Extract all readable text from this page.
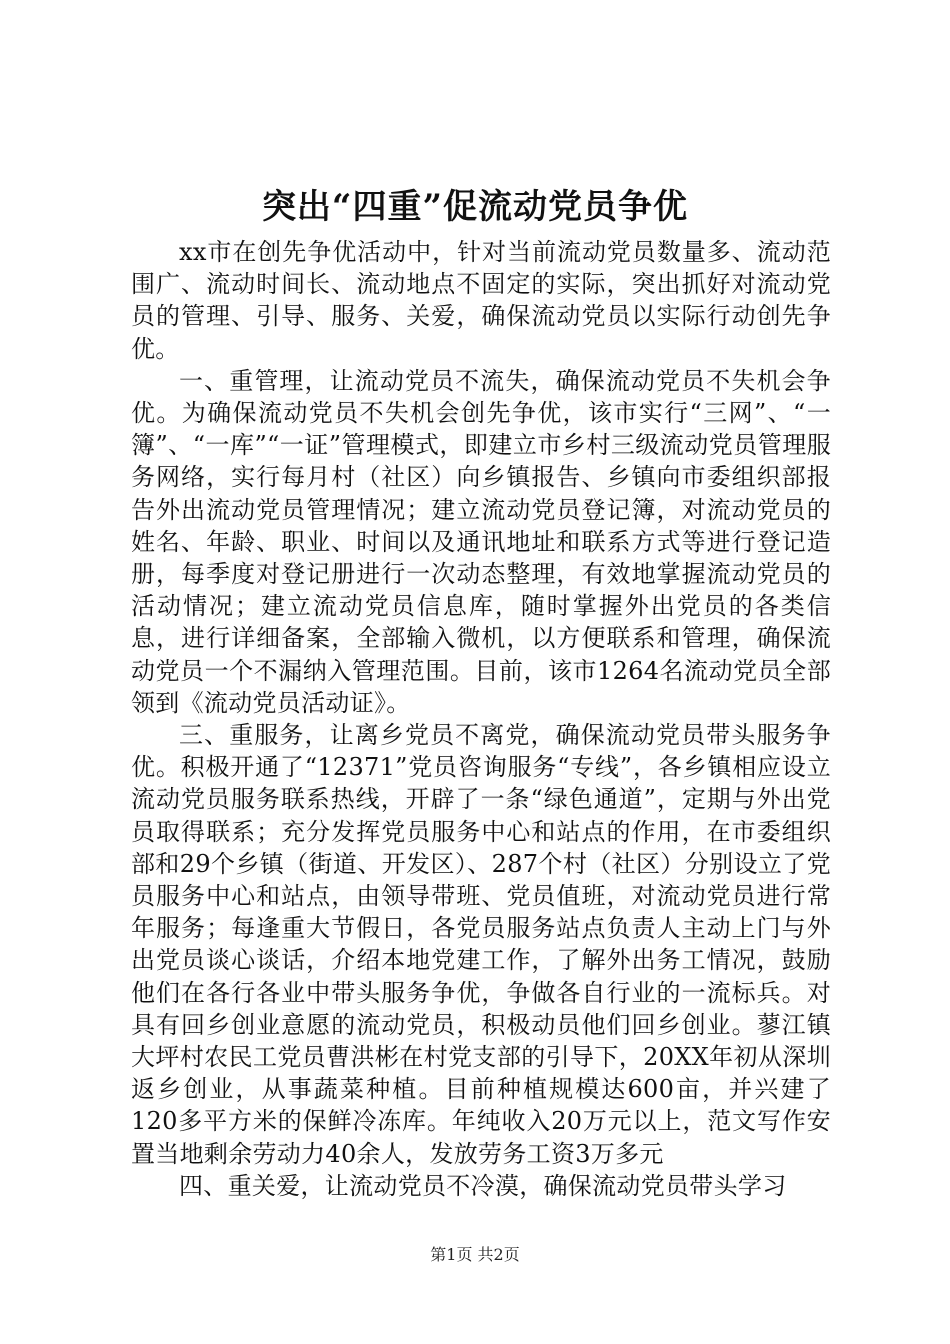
突出“四重”促流动党员争优

xx市在创先争优活动中，针对当前流动党员数量多、流动范围广、流动时间长、流动地点不固定的实际，突出抓好对流动党员的管理、引导、服务、关爱，确保流动党员以实际行动创先争优。

一、重管理，让流动党员不流失，确保流动党员不失机会争优。为确保流动党员不失机会创先争优，该市实行“三网”、“一簿”、“一库”“一证”管理模式，即建立市乡村三级流动党员管理服务网络，实行每月村（社区）向乡镇报告、乡镇向市委组织部报告外出流动党员管理情况；建立流动党员登记簿，对流动党员的姓名、年龄、职业、时间以及通讯地址和联系方式等进行登记造册，每季度对登记册进行一次动态整理，有效地掌握流动党员的活动情况；建立流动党员信息库，随时掌握外出党员的各类信息，进行详细备案，全部输入微机，以方便联系和管理，确保流动党员一个不漏纳入管理范围。目前，该市1264名流动党员全部领到《流动党员活动证》。

三、重服务，让离乡党员不离党，确保流动党员带头服务争优。积极开通了“12371”党员咨询服务“专线”，各乡镇相应设立流动党员服务联系热线，开辟了一条“绿色通道”，定期与外出党员取得联系；充分发挥党员服务中心和站点的作用，在市委组织部和29个乡镇（街道、开发区）、287个村（社区）分别设立了党员服务中心和站点，由领导带班、党员值班，对流动党员进行常年服务；每逢重大节假日，各党员服务站点负责人主动上门与外出党员谈心谈话，介绍本地党建工作，了解外出务工情况，鼓励他们在各行各业中带头服务争优，争做各自行业的一流标兵。对具有回乡创业意愿的流动党员，积极动员他们回乡创业。蓼江镇大坪村农民工党员曹洪彬在村党支部的引导下，20XX年初从深圳返乡创业，从事蔬菜种植。目前种植规模达600亩，并兴建了120多平方米的保鲜冷冻库。年纯收入20万元以上，范文写作安置当地剩余劳动力40余人，发放劳务工资3万多元

四、重关爱，让流动党员不冷漠，确保流动党员带头学习

第1页 共2页
